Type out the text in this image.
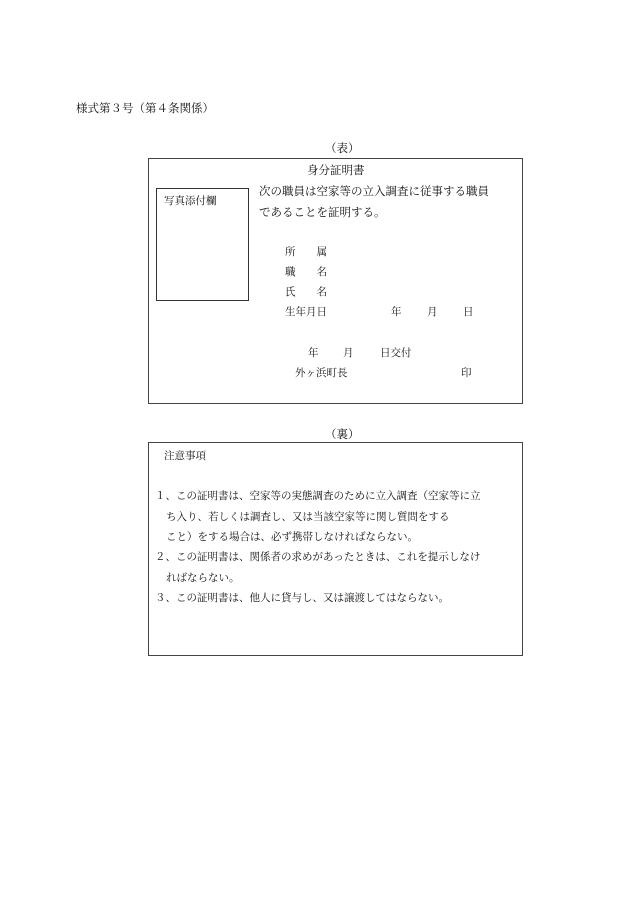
様式第３号（第４条関係）
（表）
身分証明書
写真添付欄
次の職員は空家等の立入調査に従事する職員
であることを証明する。
所　　属
職　　名
氏　　名
生年月日	年 月 日
年 月	日交付
外ヶ浜町長	印
（裏）
注意事項
１、この証明書は、空家等の実態調査のために立入調査（空家等に立
ち入り、若しくは調査し、又は当該空家等に関し質問をする
こと）をする場合は、必ず携帯しなければならない。
２、この証明書は、関係者の求めがあったときは、これを提示しなけ
ればならない。
３、この証明書は、他人に貸与し、又は譲渡してはならない。
